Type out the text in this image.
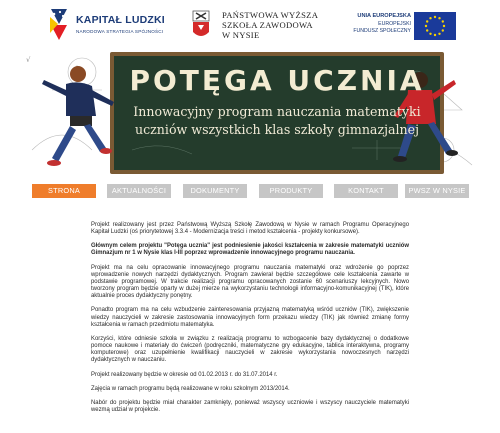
KAPITAŁ LUDZKI
NARODOWA STRATEGIA SPÓJNOŚCI
PAŃSTWOWA WYŻSZA
SZKOŁA ZAWODOWA
W NYSIE
UNIA EUROPEJSKA
EUROPEJSKI
FUNDUSZ SPOŁECZNY
√
POTĘGA UCZNIA
Innowacyjny program nauczania matematyki
uczniów wszystkich klas szkoły gimnazjalnej
STRONA GŁÓWNA
AKTUALNOŚCI	DOKUMENTY	PRODUKTY	KONTAKT	PWSZ W NYSIE

Projekt realizowany jest przez Państwową Wyższą Szkołę Zawodową w Nysie w ramach Programu Operacyjnego Kapitał Ludzki (oś priorytetowej 3.3.4 - Modernizacja treści i metod kształcenia - projekty konkursowe).

Głównym celem projektu "Potęga ucznia" jest podniesienie jakości kształcenia w zakresie matematyki uczniów Gimnazjum nr 1 w Nysie klas I-III poprzez wprowadzenie innowacyjnego programu nauczania.

Projekt ma na celu opracowanie innowacyjnego programu nauczania matematyki oraz wdrożenie go poprzez wprowadzenie nowych narzędzi dydaktycznych. Program zawierał będzie szczegółowe cele kształcenia zawarte w podstawie programowej. W trakcie realizacji programu opracowanych zostanie 60 scenariuszy lekcyjnych. Nowo tworzony program będzie oparty w dużej mierze na wykorzystaniu technologii informacyjno-komunikacyjnej (TIK), które aktualnie proces dydaktyczny ponętny.

Ponadto program ma na celu wzbudzenie zainteresowania przyjazną matematyką wśród uczniów (TIK), zwiększenie wiedzy nauczycieli w zakresie zastosowania innowacyjnych form przekazu wiedzy (TIK) jak również zmianę formy kształcenia w ramach przedmiotu matematyka.

Korzyści, które odniesie szkoła w związku z realizacją programu to wzbogacenie bazy dydaktycznej o dodatkowe pomoce naukowe i materiały do ćwiczeń (podręczniki, matematyczne gry edukacyjne, tablica interaktywna, programy komputerowe) oraz uzupełnienie kwalifikacji nauczycieli w zakresie wykorzystania nowoczesnych narzędzi dydaktycznych w nauczaniu.

Projekt realizowany będzie w okresie od 01.02.2013 r. do 31.07.2014 r.

Zajęcia w ramach programu będą realizowane w roku szkolnym 2013/2014.

Nabór do projektu będzie miał charakter zamknięty, ponieważ wszyscy uczniowie i wszyscy nauczyciele matematyki wezmą udział w projekcie.
